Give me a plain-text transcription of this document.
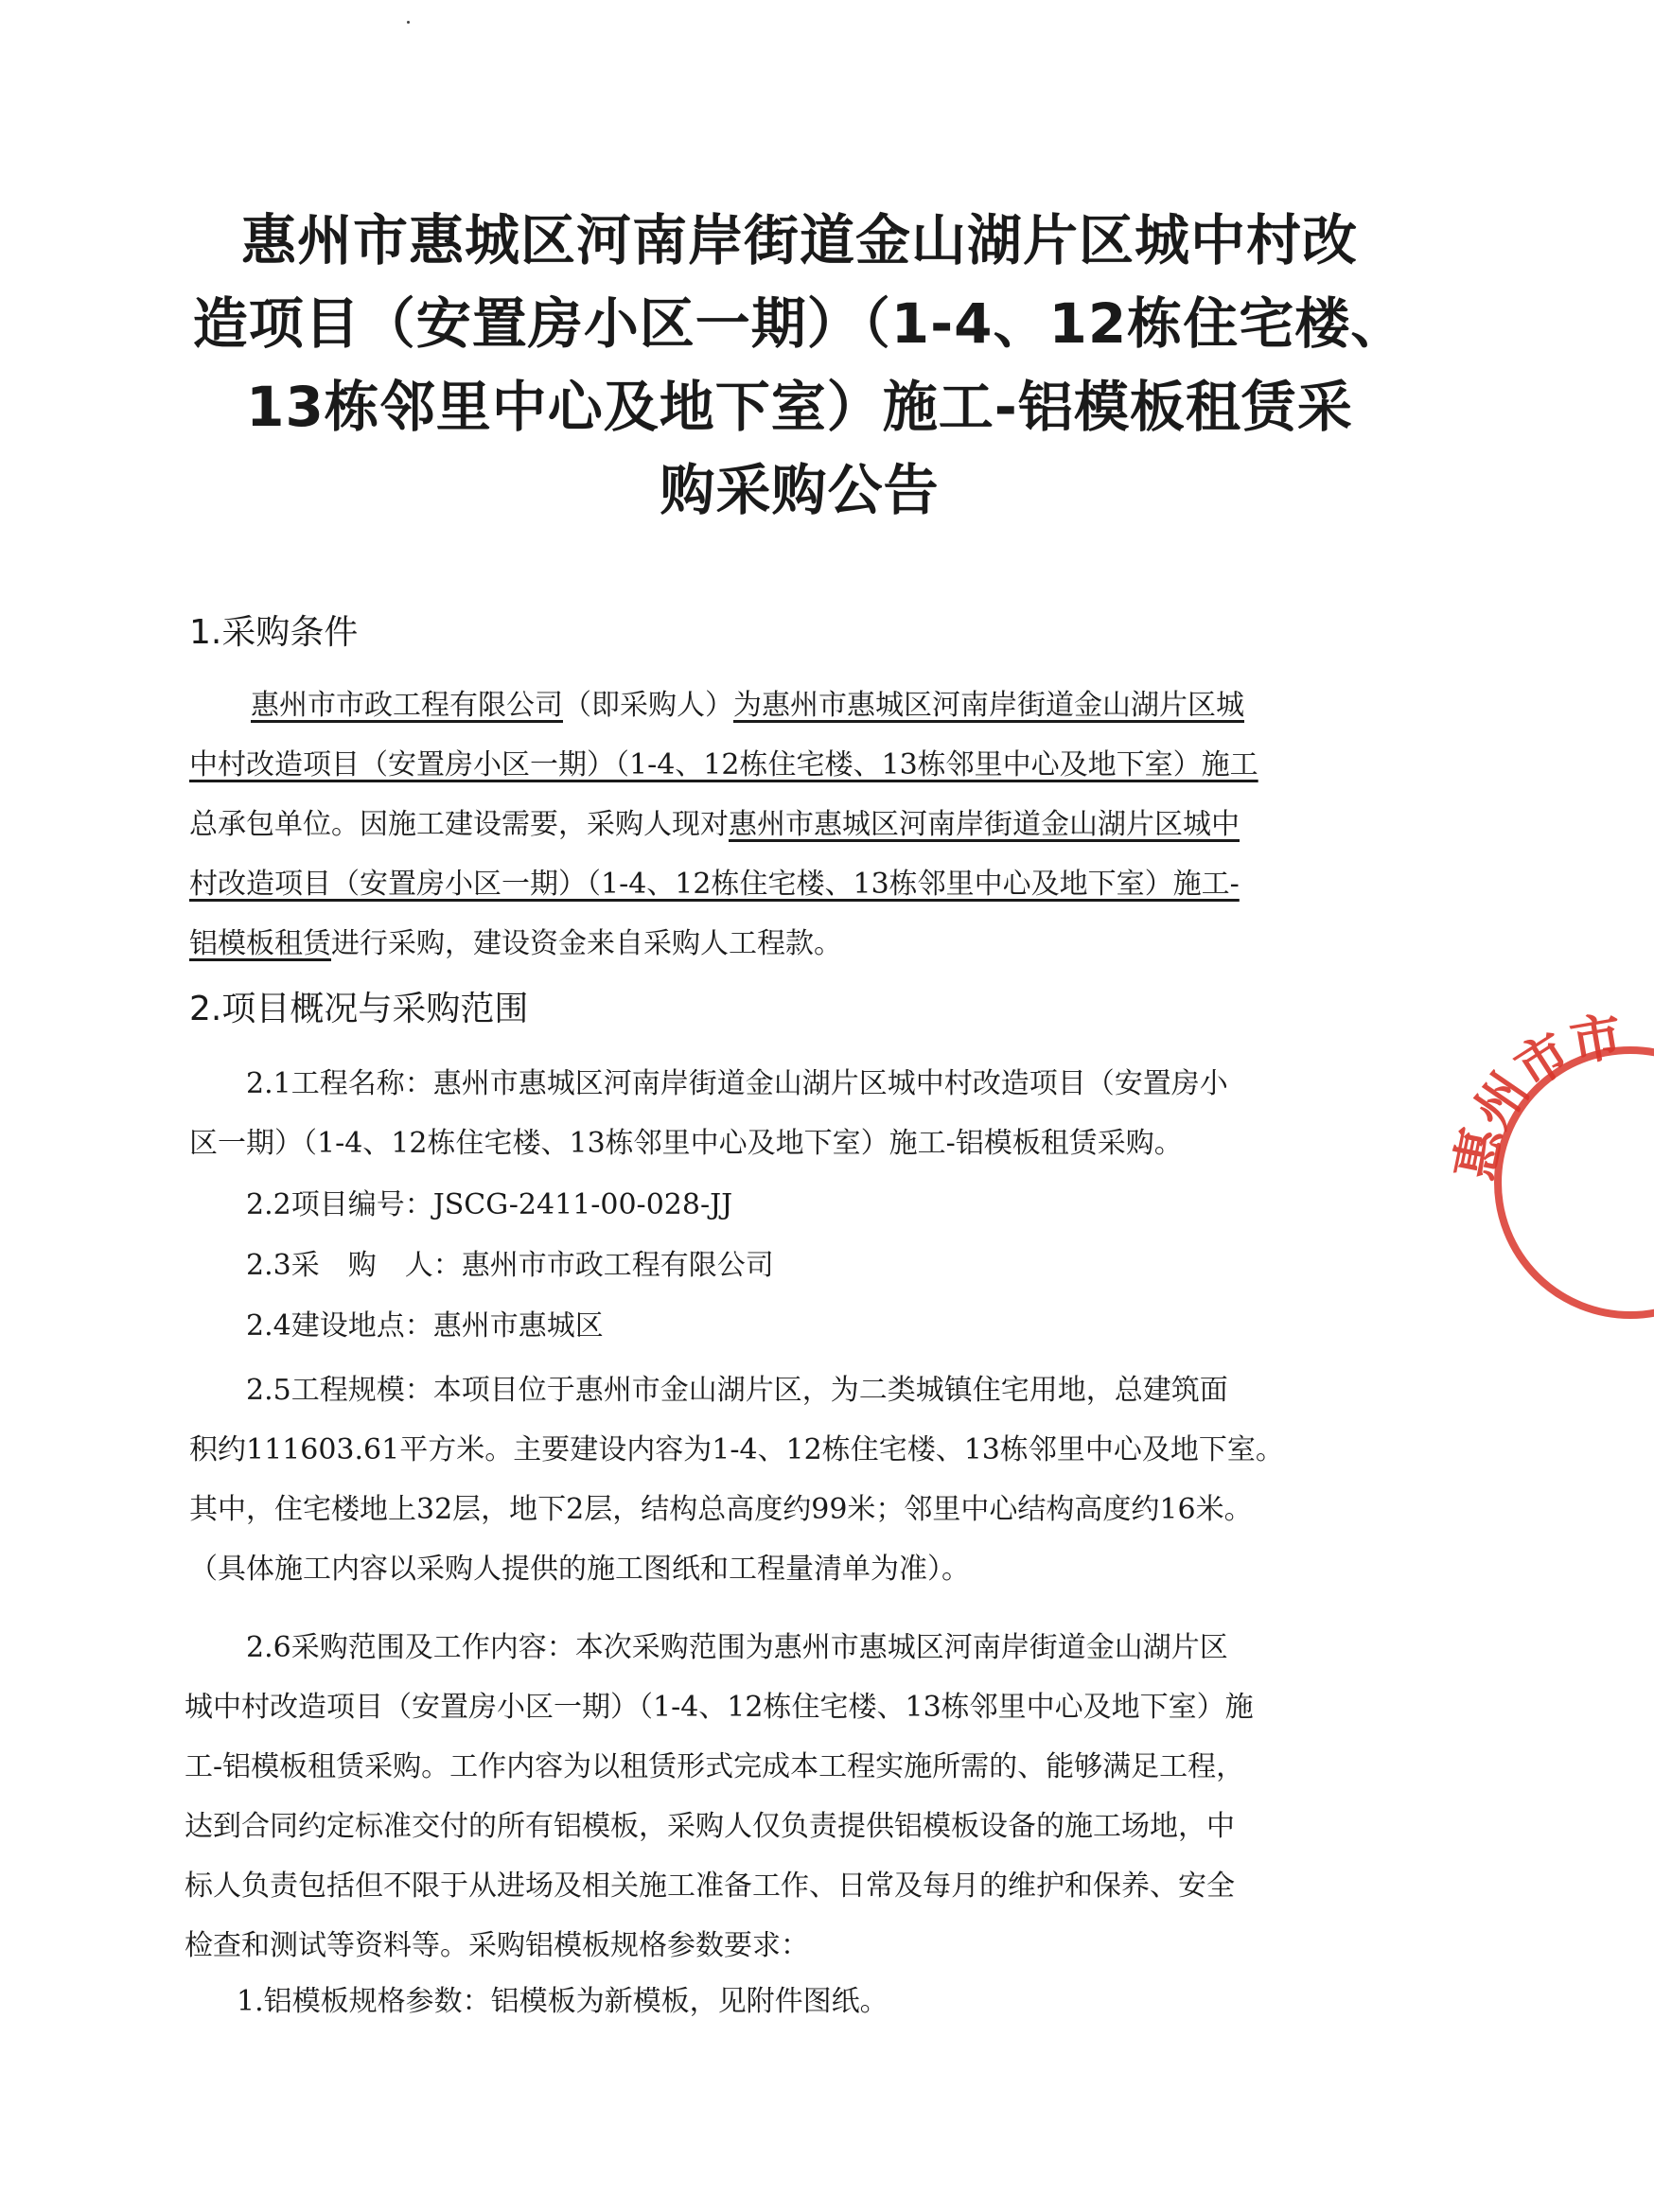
惠州市惠城区河南岸街道金山湖片区城中村改
造项目（安置房小区一期）（1-4、12栋住宅楼、
13栋邻里中心及地下室）施工-铝模板租赁采
购采购公告
1.采购条件
惠州市市政工程有限公司（即采购人）为惠州市惠城区河南岸街道金山湖片区城
中村改造项目（安置房小区一期）（1-4、12栋住宅楼、13栋邻里中心及地下室）施工
总承包单位。因施工建设需要，采购人现对惠州市惠城区河南岸街道金山湖片区城中
村改造项目（安置房小区一期）（1-4、12栋住宅楼、13栋邻里中心及地下室）施工-
铝模板租赁进行采购，建设资金来自采购人工程款。
2.项目概况与采购范围
2.1工程名称：惠州市惠城区河南岸街道金山湖片区城中村改造项目（安置房小
区一期）（1-4、12栋住宅楼、13栋邻里中心及地下室）施工-铝模板租赁采购。
2.2项目编号：JSCG-2411-00-028-JJ
2.3采　购　人：惠州市市政工程有限公司
2.4建设地点：惠州市惠城区
2.5工程规模：本项目位于惠州市金山湖片区，为二类城镇住宅用地，总建筑面
积约111603.61平方米。主要建设内容为1-4、12栋住宅楼、13栋邻里中心及地下室。
其中，住宅楼地上32层，地下2层，结构总高度约99米；邻里中心结构高度约16米。
（具体施工内容以采购人提供的施工图纸和工程量清单为准）。
2.6采购范围及工作内容：本次采购范围为惠州市惠城区河南岸街道金山湖片区
城中村改造项目（安置房小区一期）（1-4、12栋住宅楼、13栋邻里中心及地下室）施
工-铝模板租赁采购。工作内容为以租赁形式完成本工程实施所需的、能够满足工程，
达到合同约定标准交付的所有铝模板，采购人仅负责提供铝模板设备的施工场地，中
标人负责包括但不限于从进场及相关施工准备工作、日常及每月的维护和保养、安全
检查和测试等资料等。采购铝模板规格参数要求：
1.铝模板规格参数：铝模板为新模板，见附件图纸。
惠州市市
